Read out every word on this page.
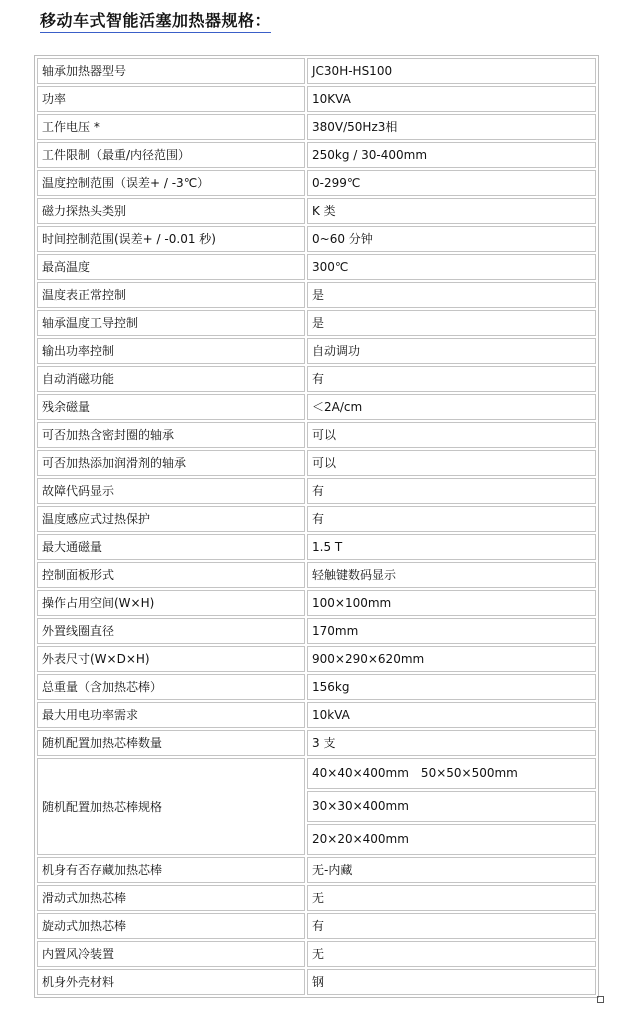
移动车式智能活塞加热器规格：
轴承加热器型号	JC30H-HS100
功率	10KVA
工作电压 *	380V/50Hz3相
工件限制（最重/内径范围）	250kg / 30-400mm
温度控制范围（误差+ / -3℃）	0-299℃
磁力探热头类别	K 类
时间控制范围(误差+ / -0.01 秒)	0~60 分钟
最高温度	300℃
温度表正常控制	是
轴承温度工导控制	是
输出功率控制	自动调功
自动消磁功能	有
残余磁量	＜2A/cm
可否加热含密封圈的轴承	可以
可否加热添加润滑剂的轴承	可以
故障代码显示	有
温度感应式过热保护	有
最大通磁量	1.5 T
控制面板形式	轻触键数码显示
操作占用空间(W×H)	100×100mm
外置线圈直径	170mm
外表尺寸(W×D×H)	900×290×620mm
总重量（含加热芯棒）	156kg
最大用电功率需求	10kVA
随机配置加热芯棒数量	3 支
随机配置加热芯棒规格	40×40×400mm　50×50×500mm
	30×30×400mm
	20×20×400mm
机身有否存藏加热芯棒	无-内藏
滑动式加热芯棒	无
旋动式加热芯棒	有
内置风冷装置	无
机身外壳材料	钢
